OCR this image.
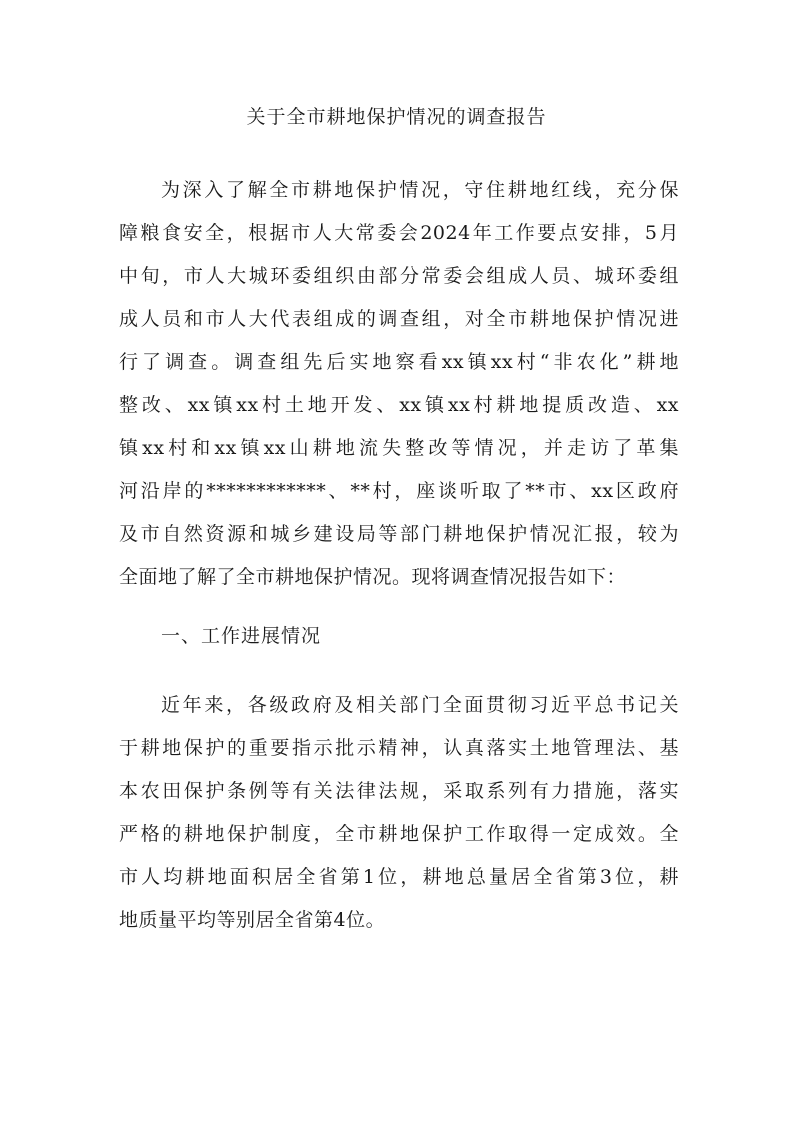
关于全市耕地保护情况的调查报告
为深入了解全市耕地保护情况，守住耕地红线，充分保
障粮食安全，根据市人大常委会2024年工作要点安排，5月
中旬，市人大城环委组织由部分常委会组成人员、城环委组
成人员和市人大代表组成的调查组，对全市耕地保护情况进
行了调查。调查组先后实地察看xx镇xx村“非农化”耕地
整改、xx镇xx村土地开发、xx镇xx村耕地提质改造、xx
镇xx村和xx镇xx山耕地流失整改等情况，并走访了革集
河沿岸的************、**村，座谈听取了**市、xx区政府
及市自然资源和城乡建设局等部门耕地保护情况汇报，较为
全面地了解了全市耕地保护情况。现将调查情况报告如下：
一、工作进展情况
近年来，各级政府及相关部门全面贯彻习近平总书记关
于耕地保护的重要指示批示精神，认真落实土地管理法、基
本农田保护条例等有关法律法规，采取系列有力措施，落实
严格的耕地保护制度，全市耕地保护工作取得一定成效。全
市人均耕地面积居全省第1位，耕地总量居全省第3位，耕
地质量平均等别居全省第4位。
